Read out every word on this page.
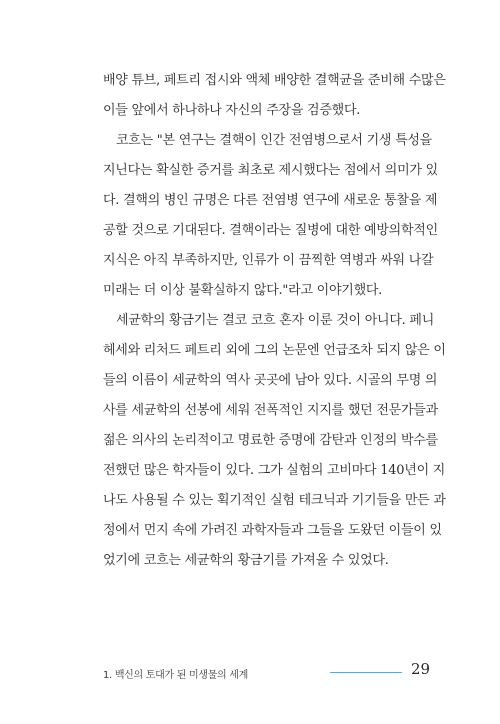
배양 튜브, 페트리 접시와 액체 배양한 결핵균을 준비해 수많은
이들 앞에서 하나하나 자신의 주장을 검증했다.
코흐는 "본 연구는 결핵이 인간 전염병으로서 기생 특성을
지닌다는 확실한 증거를 최초로 제시했다는 점에서 의미가 있
다. 결핵의 병인 규명은 다른 전염병 연구에 새로운 통찰을 제
공할 것으로 기대된다. 결핵이라는 질병에 대한 예방의학적인
지식은 아직 부족하지만, 인류가 이 끔찍한 역병과 싸워 나갈
미래는 더 이상 불확실하지 않다."라고 이야기했다.
세균학의 황금기는 결코 코흐 혼자 이룬 것이 아니다. 페니
헤세와 리처드 페트리 외에 그의 논문엔 언급조차 되지 않은 이
들의 이름이 세균학의 역사 곳곳에 남아 있다. 시골의 무명 의
사를 세균학의 선봉에 세워 전폭적인 지지를 했던 전문가들과
젊은 의사의 논리적이고 명료한 증명에 감탄과 인정의 박수를
전했던 많은 학자들이 있다. 그가 실험의 고비마다 140년이 지
나도 사용될 수 있는 획기적인 실험 테크닉과 기기들을 만든 과
정에서 먼지 속에 가려진 과학자들과 그들을 도왔던 이들이 있
었기에 코흐는 세균학의 황금기를 가져올 수 있었다.
1. 백신의 토대가 된 미생물의 세계	29
